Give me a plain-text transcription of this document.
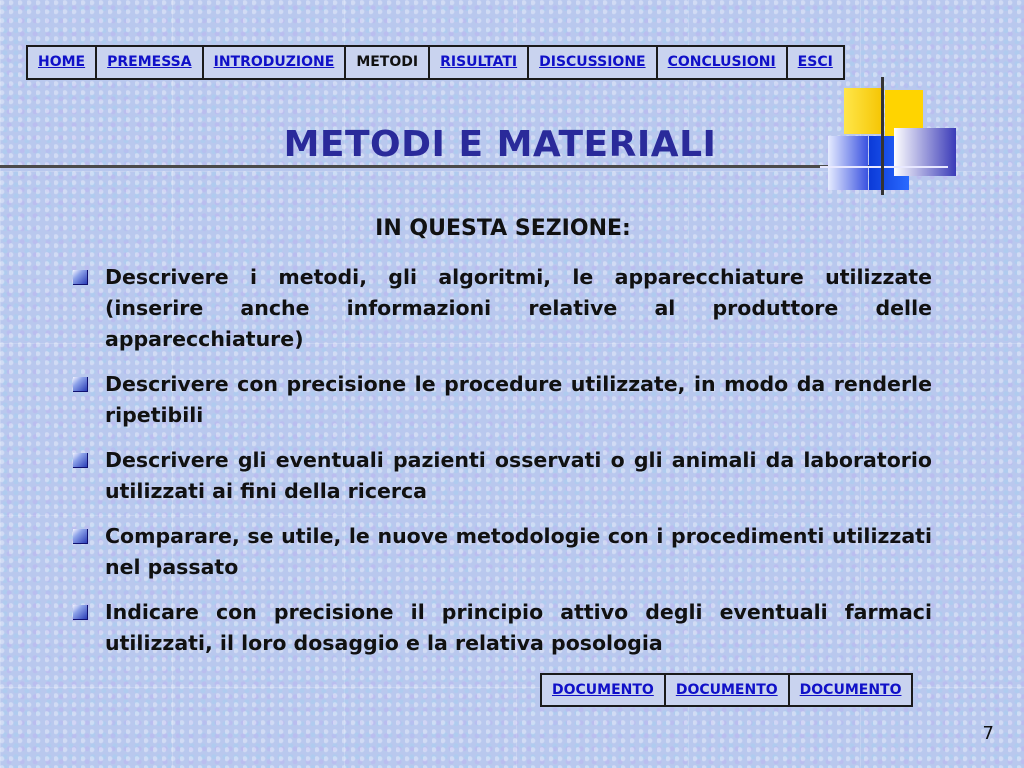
HOME	PREMESSA	INTRODUZIONE	METODI	RISULTATI	DISCUSSIONE	CONCLUSIONI	ESCI
METODI E MATERIALI
IN QUESTA SEZIONE:
Descrivere i metodi, gli algoritmi, le apparecchiature utilizzate (inserire anche informazioni relative al produttore delle apparecchiature)
Descrivere con precisione le procedure utilizzate, in modo da renderle ripetibili
Descrivere gli eventuali pazienti osservati o gli animali da laboratorio utilizzati ai fini della ricerca
Comparare, se utile, le nuove metodologie con i procedimenti utilizzati nel passato
Indicare con precisione il principio attivo degli eventuali farmaci utilizzati, il loro dosaggio e la relativa posologia
DOCUMENTO	DOCUMENTO	DOCUMENTO
7
